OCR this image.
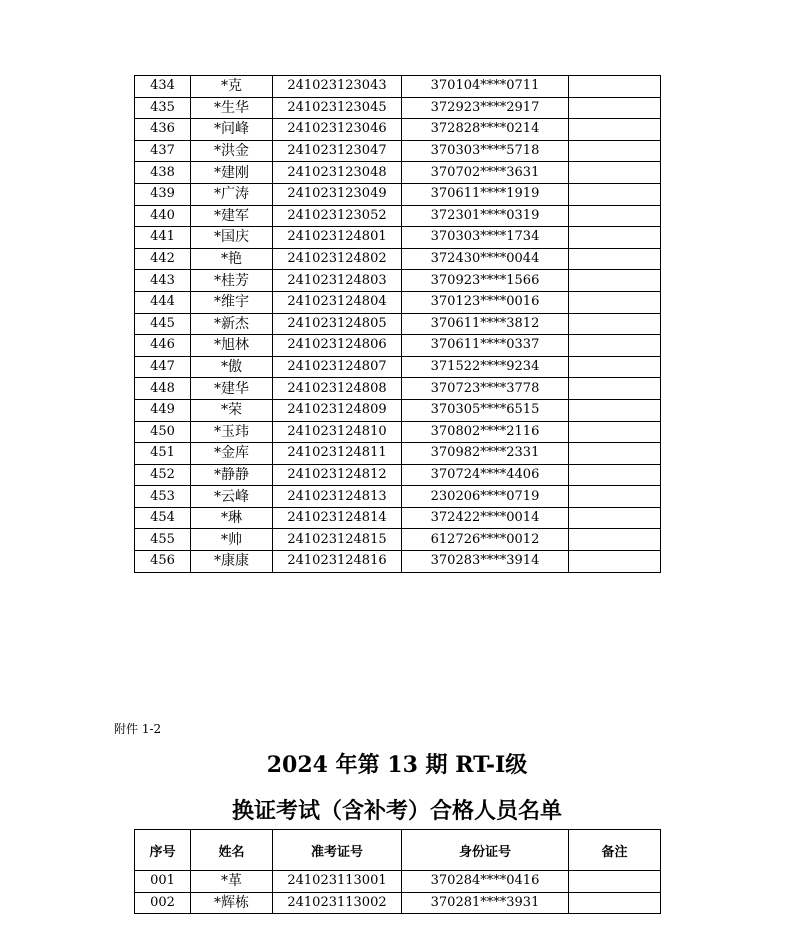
434	*克	241023123043	370104****0711	
435	*生华	241023123045	372923****2917	
436	*问峰	241023123046	372828****0214	
437	*洪金	241023123047	370303****5718	
438	*建刚	241023123048	370702****3631	
439	*广涛	241023123049	370611****1919	
440	*建军	241023123052	372301****0319	
441	*国庆	241023124801	370303****1734	
442	*艳	241023124802	372430****0044	
443	*桂芳	241023124803	370923****1566	
444	*维宇	241023124804	370123****0016	
445	*新杰	241023124805	370611****3812	
446	*旭林	241023124806	370611****0337	
447	*傲	241023124807	371522****9234	
448	*建华	241023124808	370723****3778	
449	*荣	241023124809	370305****6515	
450	*玉玮	241023124810	370802****2116	
451	*金库	241023124811	370982****2331	
452	*静静	241023124812	370724****4406	
453	*云峰	241023124813	230206****0719	
454	*琳	241023124814	372422****0014	
455	*帅	241023124815	612726****0012	
456	*康康	241023124816	370283****3914	
附件 1-2
2024 年第 13 期 RT-Ⅰ级
换证考试（含补考）合格人员名单
序号	姓名	准考证号	身份证号	备注
001	*革	241023113001	370284****0416	
002	*辉栋	241023113002	370281****3931	
